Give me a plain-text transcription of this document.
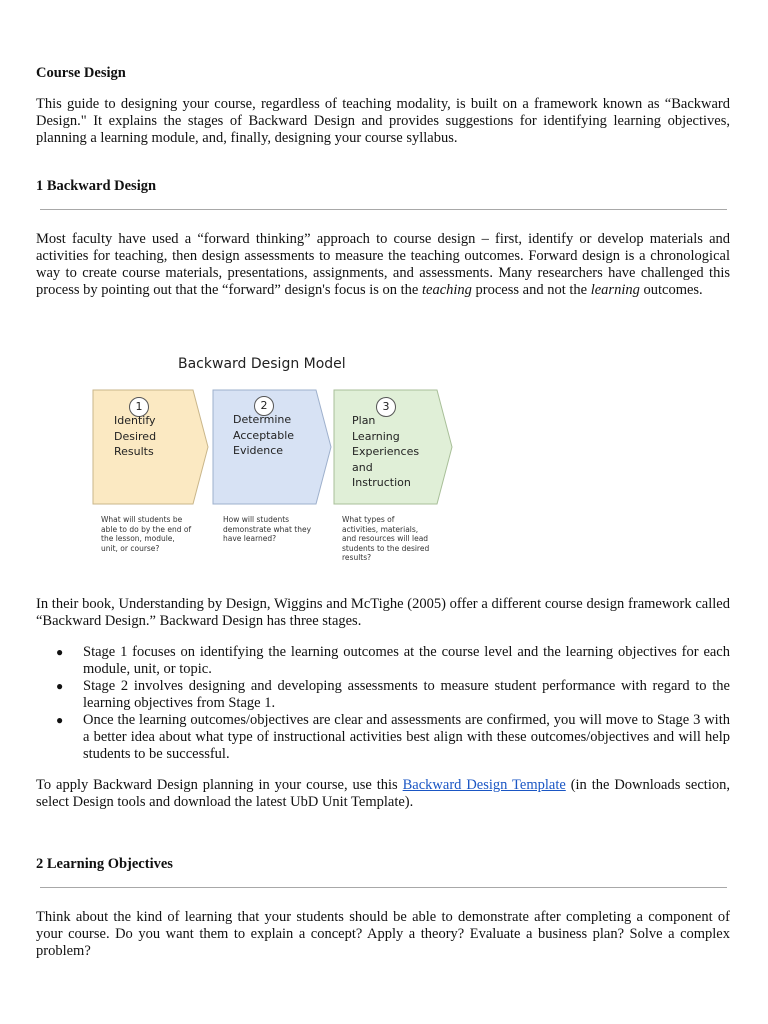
Course Design
This guide to designing your course, regardless of teaching modality, is built on a framework known as “Backward Design." It explains the stages of Backward Design and provides suggestions for identifying learning objectives, planning a learning module, and, finally, designing your course syllabus.
1 Backward Design
Most faculty have used a “forward thinking” approach to course design – first, identify or develop materials and activities for teaching, then design assessments to measure the teaching outcomes. Forward design is a chronological way to create course materials, presentations, assignments, and assessments. Many researchers have challenged this process by pointing out that the “forward” design's focus is on the teaching process and not the learning outcomes.
Backward Design Model
1
Identify
Desired
Results
2
Determine
Acceptable
Evidence
3
Plan
Learning
Experiences
and
Instruction
What will students be
able to do by the end of
the lesson, module,
unit, or course?
How will students
demonstrate what they
have learned?
What types of
activities, materials,
and resources will lead
students to the desired
results?
In their book, Understanding by Design, Wiggins and McTighe (2005) offer a different course design framework called “Backward Design.” Backward Design has three stages.
● Stage 1 focuses on identifying the learning outcomes at the course level and the learning objectives for each module, unit, or topic.
● Stage 2 involves designing and developing assessments to measure student performance with regard to the learning objectives from Stage 1.
● Once the learning outcomes/objectives are clear and assessments are confirmed, you will move to Stage 3 with a better idea about what type of instructional activities best align with these outcomes/objectives and will help students to be successful.
To apply Backward Design planning in your course, use this Backward Design Template (in the Downloads section, select Design tools and download the latest UbD Unit Template).
2 Learning Objectives
Think about the kind of learning that your students should be able to demonstrate after completing a component of your course. Do you want them to explain a concept? Apply a theory? Evaluate a business plan? Solve a complex problem?
